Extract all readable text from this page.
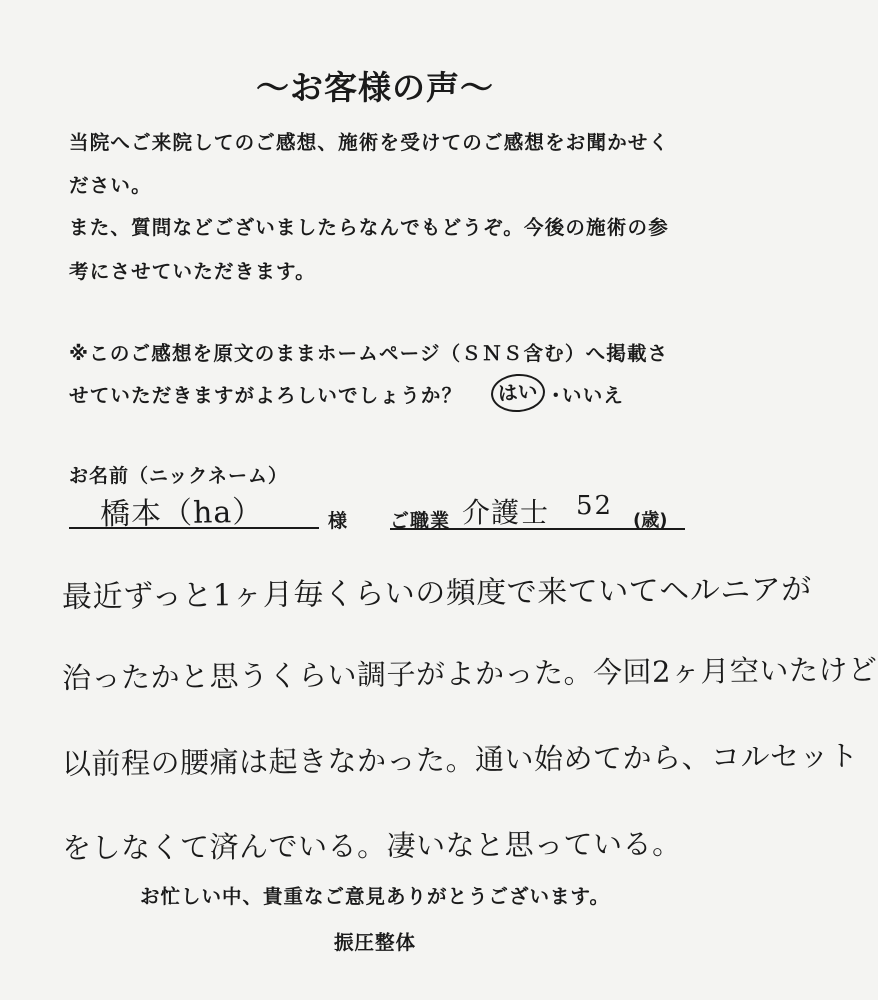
～お客様の声～
当院へご来院してのご感想、施術を受けてのご感想をお聞かせく
ださい。
また、質問などございましたらなんでもどうぞ。今後の施術の参
考にさせていただきます。
※このご感想を原文のままホームページ（ＳＮＳ含む）へ掲載さ
せていただきますがよろしいでしょうか？	はい ・
いいえ
お名前（ニックネーム）
橋本（ha）	様 ご職業 介護士 52 (歳)
最近ずっと1ヶ月毎くらいの頻度で来ていてヘルニアが
治ったかと思うくらい調子がよかった。今回2ヶ月空いたけど
以前程の腰痛は起きなかった。通い始めてから、コルセット
をしなくて済んでいる。凄いなと思っている。
お忙しい中、貴重なご意見ありがとうございます。
振圧整体
